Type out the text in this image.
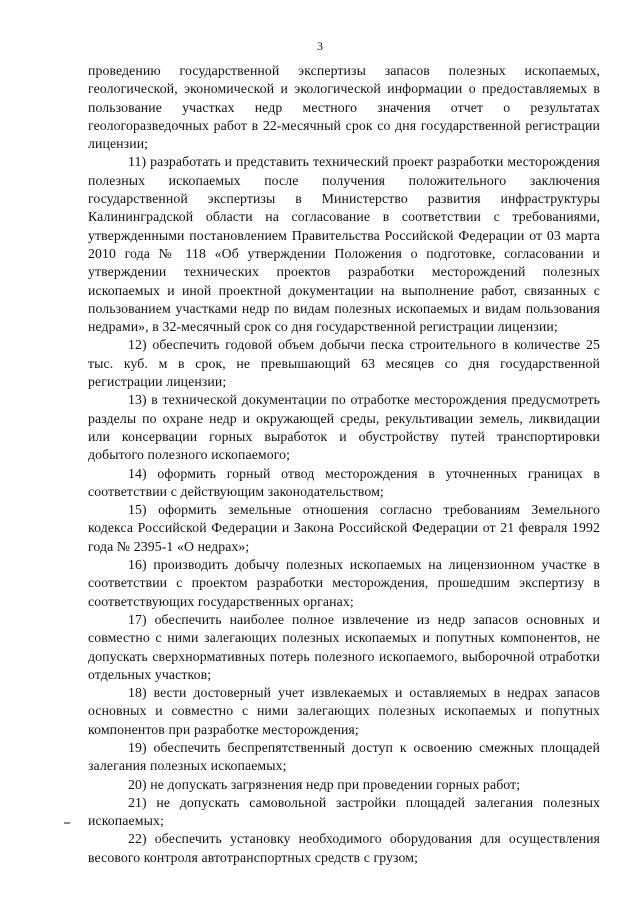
3

проведению государственной экспертизы запасов полезных ископаемых, геологической, экономической и экологической информации о предоставляемых в пользование участках недр местного значения отчет о результатах геологоразведочных работ в 22-месячный срок со дня государственной регистрации лицензии;

11) разработать и представить технический проект разработки месторождения полезных ископаемых после получения положительного заключения государственной экспертизы в Министерство развития инфраструктуры Калининградской области на согласование в соответствии с требованиями, утвержденными постановлением Правительства Российской Федерации от 03 марта 2010 года № 118 «Об утверждении Положения о подготовке, согласовании и утверждении технических проектов разработки месторождений полезных ископаемых и иной проектной документации на выполнение работ, связанных с пользованием участками недр по видам полезных ископаемых и видам пользования недрами», в 32-месячный срок со дня государственной регистрации лицензии;

12) обеспечить годовой объем добычи песка строительного в количестве 25 тыс. куб. м в срок, не превышающий 63 месяцев со дня государственной регистрации лицензии;

13) в технической документации по отработке месторождения предусмотреть разделы по охране недр и окружающей среды, рекультивации земель, ликвидации или консервации горных выработок и обустройству путей транспортировки добытого полезного ископаемого;

14) оформить горный отвод месторождения в уточненных границах в соответствии с действующим законодательством;

15) оформить земельные отношения согласно требованиям Земельного кодекса Российской Федерации и Закона Российской Федерации от 21 февраля 1992 года № 2395-1 «О недрах»;

16) производить добычу полезных ископаемых на лицензионном участке в соответствии с проектом разработки месторождения, прошедшим экспертизу в соответствующих государственных органах;

17) обеспечить наиболее полное извлечение из недр запасов основных и совместно с ними залегающих полезных ископаемых и попутных компонентов, не допускать сверхнормативных потерь полезного ископаемого, выборочной отработки отдельных участков;

18) вести достоверный учет извлекаемых и оставляемых в недрах запасов основных и совместно с ними залегающих полезных ископаемых и попутных компонентов при разработке месторождения;

19) обеспечить беспрепятственный доступ к освоению смежных площадей залегания полезных ископаемых;

20) не допускать загрязнения недр при проведении горных работ;

21) не допускать самовольной застройки площадей залегания полезных ископаемых;

22) обеспечить установку необходимого оборудования для осуществления весового контроля автотранспортных средств с грузом;
